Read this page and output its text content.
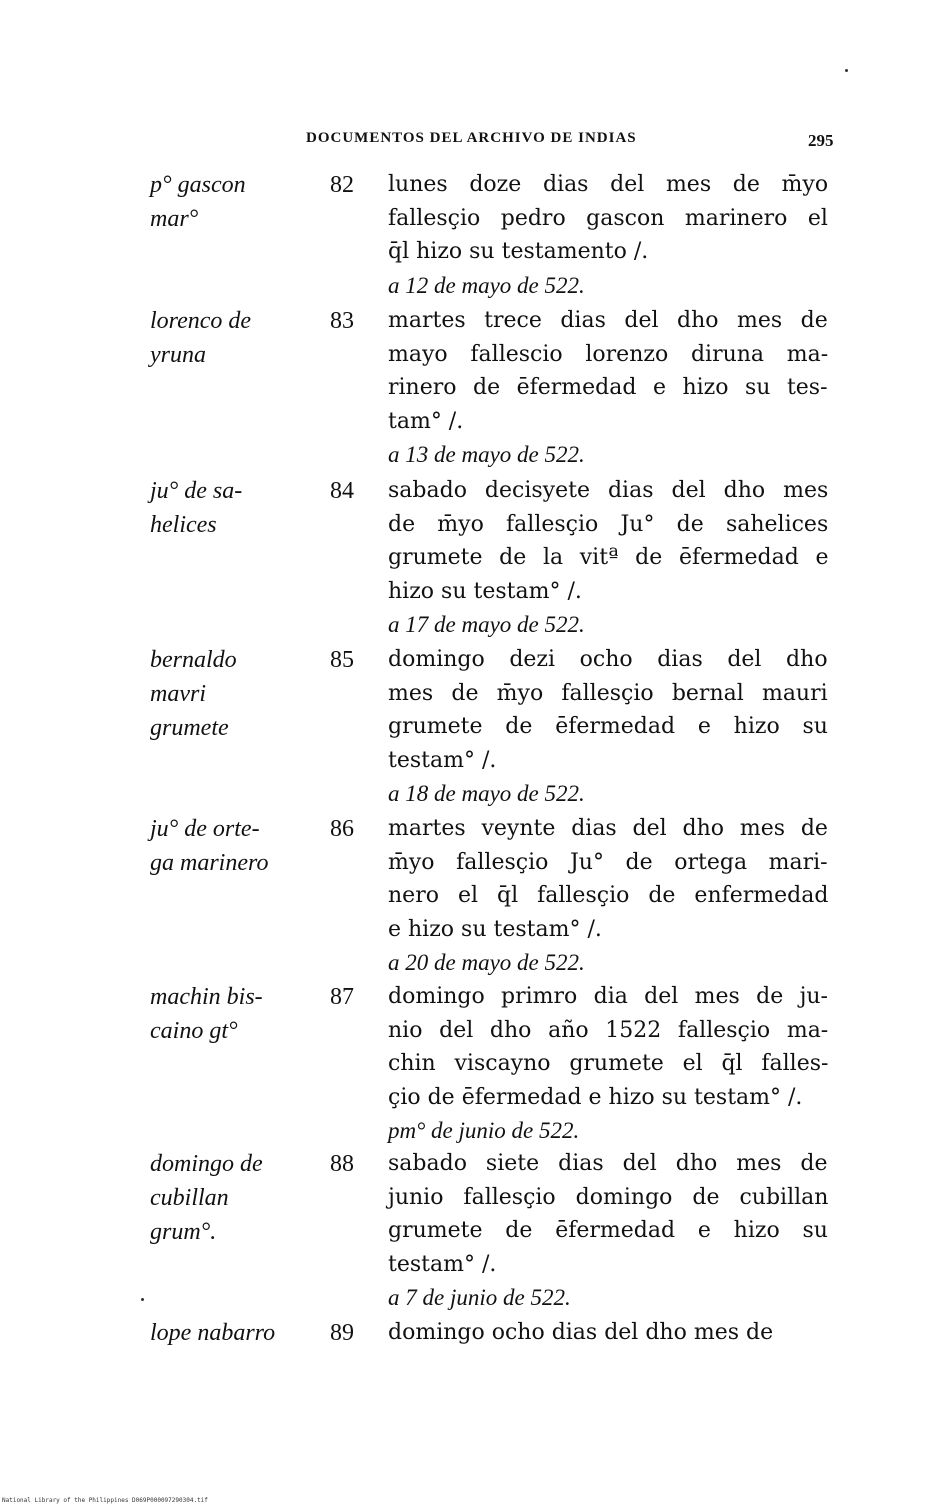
DOCUMENTOS DEL ARCHIVO DE INDIAS	295
p° gascon
mar°
82 lunes doze dias del mes de m̄yo
fallesçio pedro gascon marinero el
q̄l hizo su testamento /.
a 12 de mayo de 522.
lorenco de
yruna
83 martes trece dias del dho mes de
mayo fallescio lorenzo diruna ma-
rinero de ēfermedad e hizo su tes-
tam° /.
a 13 de mayo de 522.
ju° de sa-
helices
84 sabado decisyete dias del dho mes
de m̄yo fallesçio Ju° de sahelices
grumete de la vitª de ēfermedad e
hizo su testam° /.
a 17 de mayo de 522.
bernaldo
mavri
grumete
85 domingo dezi ocho dias del dho
mes de m̄yo fallesçio bernal mauri
grumete de ēfermedad e hizo su
testam° /.
a 18 de mayo de 522.
ju° de orte-
ga marinero
86 martes veynte dias del dho mes de
m̄yo fallesçio Ju° de ortega mari-
nero el q̄l fallesçio de enfermedad
e hizo su testam° /.
a 20 de mayo de 522.
machin bis-
caino gt°
87 domingo primro dia del mes de ju-
nio del dho año 1522 fallesçio ma-
chin viscayno grumete el q̄l falles-
çio de ēfermedad e hizo su testam° /.
pm° de junio de 522.
domingo de
cubillan
grum°.
88 sabado siete dias del dho mes de
junio fallesçio domingo de cubillan
grumete de ēfermedad e hizo su
testam° /.
a 7 de junio de 522.
lope nabarro	89 domingo ocho dias del dho mes de
National Library of the Philippines D069P000097290304.tif
